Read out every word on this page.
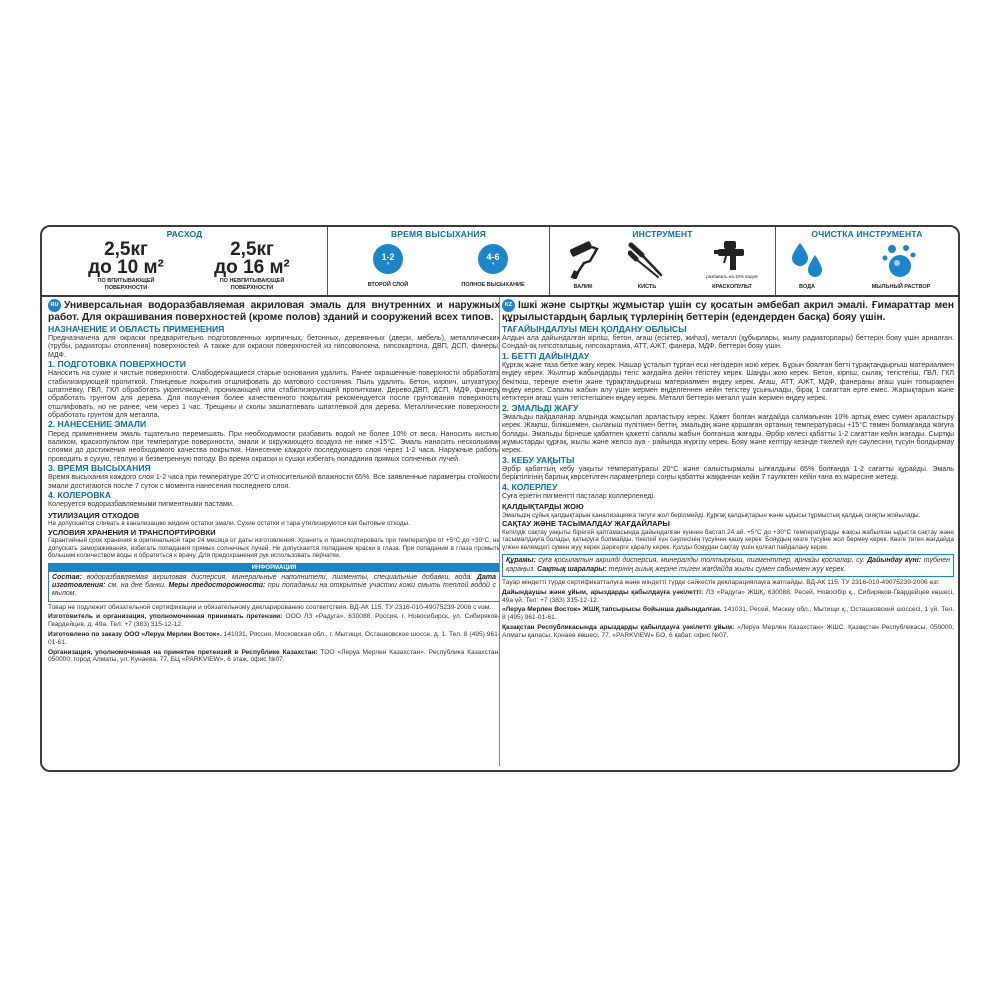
РАСХОД
2,5кг
до 10 м²
ПО ВПИТЫВАЮЩЕЙ ПОВЕРХНОСТИ
2,5кг
до 16 м²
ПО НЕВПИТЫВАЮЩЕЙ ПОВЕРХНОСТИ
ВРЕМЯ ВЫСЫХАНИЯ
1-2
ч
ВТОРОЙ СЛОЙ
4-6
ч
ПОЛНОЕ ВЫСЫХАНИЕ
ИНСТРУМЕНТ
ВАЛИК	КИСТЬ
разбавить на 10% водой
КРАСКОПУЛЬТ
ОЧИСТКА ИНСТРУМЕНТА
ВОДА	МЫЛЬНЫЙ РАСТВОР
RU Универсальная водоразбавляемая акриловая эмаль для внутренних и наружных работ. Для окрашивания поверхностей (кроме полов) зданий и сооружений всех типов.
НАЗНАЧЕНИЕ И ОБЛАСТЬ ПРИМЕНЕНИЯ

Предназначена для окраски предварительно подготовленных кирпичных, бетонных, деревянных (двери, мебель), металлических (трубы, радиаторы отопления) поверхностей. А также для окраски поверхностей из гипсоволокна, гипсокартона, ДВП, ДСП, фанеры, МДФ.

1. ПОДГОТОВКА ПОВЕРХНОСТИ

Наносить на сухие и чистые поверхности. Слабодержащиеся старые основания удалить. Ранее окрашенные поверхности обработать стабилизирующей пропиткой. Глянцевые покрытия отшлифовать до матового состояния. Пыль удалить. Бетон, кирпич, штукатурку, шпатлёвку, ГВЛ, ГКЛ обработать укрепляющей, проникающей или стабилизирующей пропитками. Дерево,ДВП, ДСП, МДФ, фанеру обработать грунтом для дерева. Для получения более качественного покрытия рекомендуется после грунтования поверхность отшлифовать, но не ранее, чем через 1 час. Трещины и сколы зашпатлевать шпатлевкой для дерева. Металлические поверхности обработать грунтом для металла.

2. НАНЕСЕНИЕ ЭМАЛИ

Перед применением эмаль тщательно перемешать. При необходимости разбавить водой не более 10% от веса. Наносить кистью, валиком, краскопультом при температуре поверхности, эмали и окружающего воздуха не ниже +15°C. Эмаль наносить несколькими слоями до достижения необходимого качества покрытия. Нанесение каждого последующего слоя через 1-2 часа. Наружные работы проводить в сухую, тёплую и безветренную погоду. Во время окраски и сушки избегать попадания прямых солнечных лучей.

3. ВРЕМЯ ВЫСЫХАНИЯ

Время высыхания каждого слоя 1-2 часа при температуре 20°C и относительной влажности 65%. Все заявленные параметры стойкости эмали достигаются после 7 суток с момента нанесения последнего слоя.

4. КОЛЕРОВКА

Колеруется водоразбавляемыми пигментными пастами.

УТИЛИЗАЦИЯ ОТХОДОВ

Не допускается сливать в канализацию жидкие остатки эмали. Сухие остатки и тара утилизируются как бытовые отходы.

УСЛОВИЯ ХРАНЕНИЯ И ТРАНСПОРТИРОВКИ

Гарантийный срок хранения в оригинальной таре 24 месяца от даты изготовления. Хранить и транспортировать при температуре от +5°C до +30°C, не допускать замораживания, избегать попадания прямых солнечных лучей. Не допускается попадание краски в глаза. При попадании в глаза промыть большим количеством воды и обратиться к врачу. Для предохранения рук использовать перчатки.

ИНФОРМАЦИЯ
Состав: водоразбавляемая акриловая дисперсия, минеральные наполнители, пигменты, специальные добавки, вода. Дата изготовления: см. на дне банки. Меры предосторожности: при попадании на открытые участки кожи смыть теплой водой с мылом.
Товар не подлежит обязательной сертификации и обязательному декларированию соответствия. ВД-АК 115. ТУ 2316-010-49075239-2006 с изм.
Изготовитель и организация, уполномоченная принимать претензии: ООО ЛЗ «Радуга». 630088, Россия, г. Новосибирск, ул. Сибиряков-Гвардейцев, д. 49а. Тел: +7 (383) 315-12-12.
Изготовлено по заказу ООО «Леруа Мерлен Восток». 141031, Россия, Московская обл., г. Мытищи, Осташковское шоссе, д. 1. Тел. 8 (495) 961-01-61.
Организация, уполномоченная на принятие претензий в Республике Казахстан: ТОО «Леруа Мерлен Казахстан». Республика Казахстан, 050000, город Алматы, ул. Кунаева, 77, БЦ «PARKVIEW», 6 этаж, офис №07.
KZ Ішкі және сыртқы жұмыстар үшін су қосатын әмбебап акрил эмалі. Ғимараттар мен құрылыстардың барлық түрлерінің беттерін (едендерден басқа) бояу үшін.
ТАҒАЙЫНДАЛУЫ МЕН ҚОЛДАНУ ОБЛЫСЫ

Алдын ала дайындалған кірпіш, бетон, ағаш (есіктер, жиһаз), металл (құбырлары, жылу радиаторлары) беттерін бояу үшін арналған. Сондай-ақ гипсоталшық, гипсокартама, АТТ, АЖТ, фанера, МДФ. беттерін бояу үшін.

1. БЕТТІ ДАЙЫНДАУ

Құрғақ және таза бетке жағу керек. Нашар ұсталып тұрған ескі негіздерін жою керек. Бұрын боялған беттi тұрақтандырғыш материалмен өңдеу керек. Жылтыр жабындарды тегіс жағдайға дейін тегістеу керек. Шаңды жою керек. Бетон, кірпіш, сылақ, тегістегіш, ГВЛ, ГКЛ бекіткіш, тереңге енетін және тұрақтандырғыш материалмен өңдеу керек. Ағаш, АТТ, АЖТ, МДФ, фанераны ағаш үшін топырақпен өңдеу керек. Сапалы жабын алу үшін жермен өңделгеннен кейін тегістеу ұсынылады, бірақ 1 сағаттан ерте емес. Жарықтарын және кетіктерін ағаш үшін тегістегішпен өңдеу керек. Металл беттерін металл үшін жермен өңдеу керек.

2. ЭМАЛЬДІ ЖАҒУ

Эмальды пайдаланар алдында жақсылап араластыру керек. Қажет болған жағдайда салмағынан 10% артық емес сумен араластыру керек. Жақпш, білікшемен, сылағыш пүлітімен беттің, эмальдің және қоршаған ортаның температурасы +15°C төмен болмағанда жағуға болады. Эмальды бірнеше қабатпен қажетті сапалы жабын болғанша жағады. Әрбір келесі қабатты 1-2 сағаттан кейін жағады. Сыртқы жұмыстарды құрғақ, жылы және желсіз ауа - райында жүргізу керек. Бояу және кептіру кезінде тікелей күн сәулесінің түсуін болдырмау керек.

3. КЕБУ УАҚЫТЫ

Әрбір қабаттың кебу уақыты температурасы 20°C және салыстырмалы ылғалдығы 65% болғанда 1-2 сағатты құрайды. Эмаль беріктілігінің барлық көрсетілген параметрлері соңғы қабатты жаққаннан кейін 7 тәуліктен кейін ғана өз мәресіне жетеді.

4. КОЛЕРЛЕУ

Суға еріетін пигментті пасталар коллерленеді.

ҚАЛДЫҚТАРДЫ ЖОЮ

Эмальдің сұйық қалдықтарын канализацияға төгуге жол берілмейді. Құрғақ қалдықтарын және ыдысы тұрмыстық қалдық сияқты жойылады.

САҚТАУ ЖӘНЕ ТАСЫМАЛДАУ ЖАҒДАЙЛАРЫ

Кепілдік сақтау уақыты бірегей қаптамасында дайындалған күннен бастап 24 ай. +5°C до +30°C температурады жақсы жабылған ыдыста сақтау және тасымалдауға болады, қатыруға болмайды, тікелей күн сәулесінің түсуінен қашу керек. Бояудың көзге түсуіне жол бермеу керек. Көзге тиген жағдайда үлкен көлемдегі сумен жуу керек дәрігерге қаралу керек. Қолды бояудан сақтау үшін қолғап пайдалану керек.

Құрамы: суға қосылатын акрилді дисперсия, минералды толтырғыш, пигменттер, арнайы қоспалар, су. Дайындау күні: түбінен қараңыз. Сақтық шаралары: терінің ашық жеріне тиген жағдайда жылы сумен сабынмен жуу керек.
Тауар міндетті түрде сертификатталуға және міндетті түрде сәйкестік декларациялауға жатпайды. ВД-АК 115. ТУ 2316-010-49075239-2006 өзг.
Дайындаушы және ұйым, арыздарды қабылдауға уәкілетті: ЛЗ «Радуга» ЖШҚ, 630088, Ресей, Новосібір қ., Сибиряков-Гвардейцев көшесі, 49а үй. Тел: +7 (383) 315-12-12.
«Леруа Мерлен Восток» ЖШҚ тапсырысы бойынша дайындалған. 141031, Ресей, Мәскеу обл., Мытищи қ., Осташковский шоссесі, 1 үй. Тел. 8 (495) 961-01-61.
Қазақстан Республикасында арыздарды қабылдауға уәкілетті ұйым: «Леруа Мерлен Казахстан» ЖШС. Қазақстан Республикасы, 050000, Алматы қаласы, Қонаев көшесі, 77, «PARKVIEW» БО, 6 қабат, офис №07.
